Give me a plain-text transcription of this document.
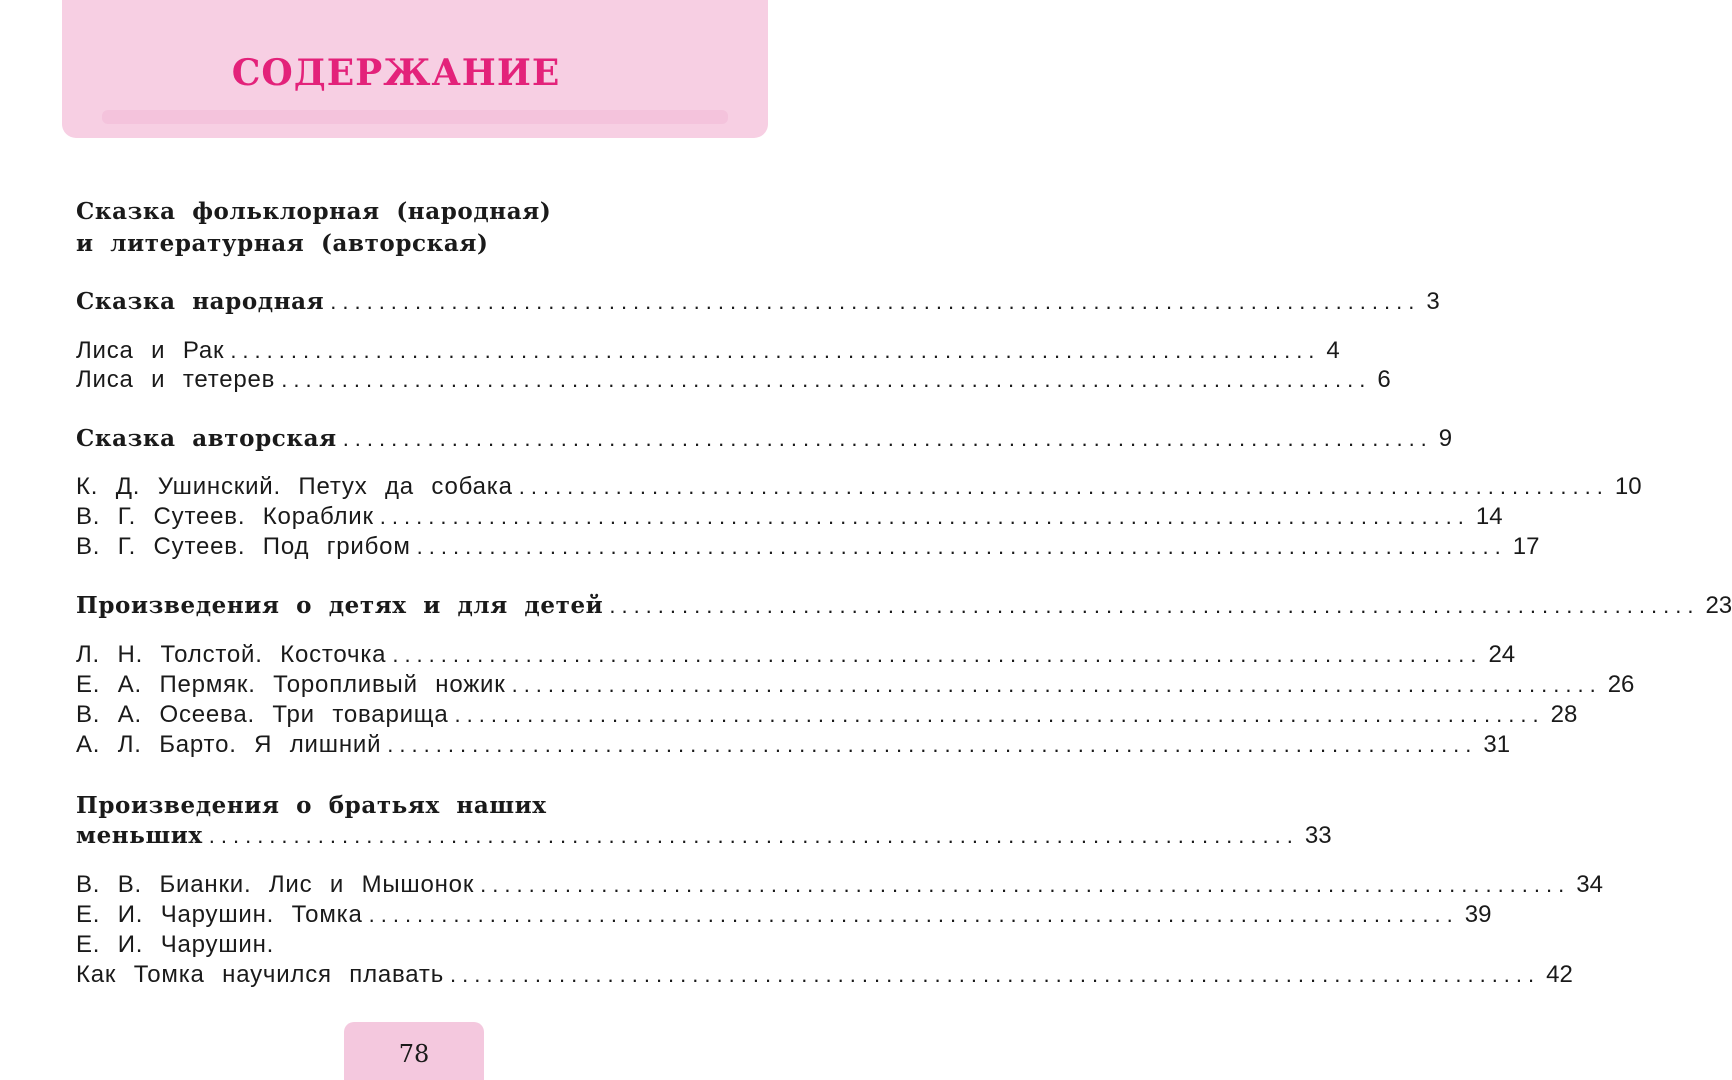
СОДЕРЖАНИЕ
Сказка фольклорная (народная)
и литературная (авторская)
Сказка народная .......................................................................................... 3
Лиса и Рак .......................................................................................... 4
Лиса и тетерев .......................................................................................... 6
Сказка авторская .......................................................................................... 9
К. Д. Ушинский. Петух да собака .......................................................................................... 10
В. Г. Сутеев. Кораблик .......................................................................................... 14
В. Г. Сутеев. Под грибом .......................................................................................... 17
Произведения о детях и для детей .......................................................................................... 23
Л. Н. Толстой. Косточка .......................................................................................... 24
Е. А. Пермяк. Торопливый ножик .......................................................................................... 26
В. А. Осеева. Три товарища .......................................................................................... 28
А. Л. Барто. Я лишний .......................................................................................... 31
Произведения о братьях наших
меньших .......................................................................................... 33
В. В. Бианки. Лис и Мышонок .......................................................................................... 34
Е. И. Чарушин. Томка .......................................................................................... 39
Е. И. Чарушин.
Как Томка научился плавать .......................................................................................... 42
78
